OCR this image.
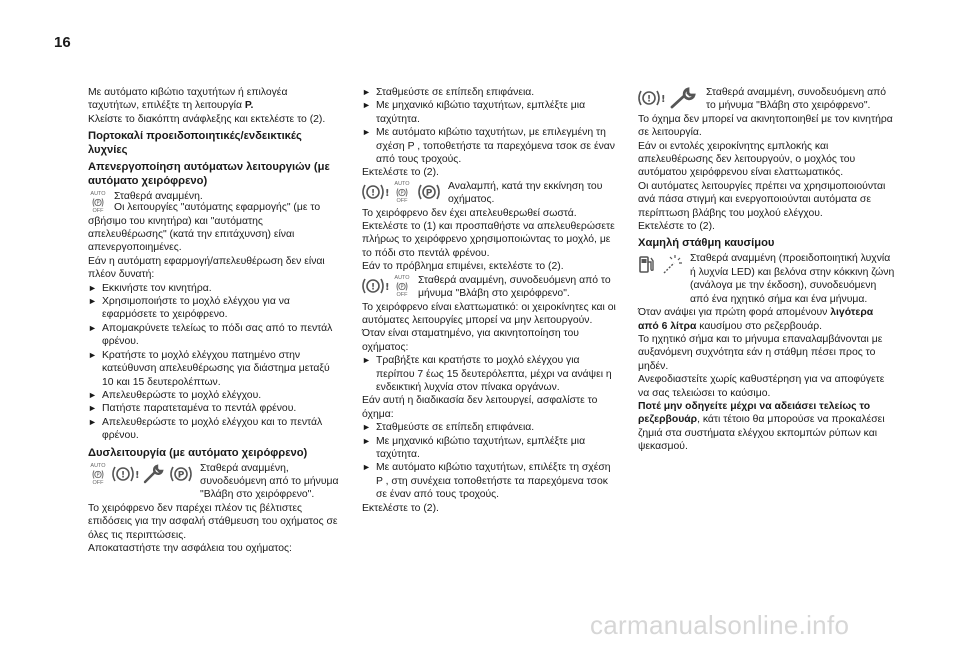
16

Με αυτόματο κιβώτιο ταχυτήτων ή επιλογέα ταχυτήτων, επιλέξτε τη λειτουργία P.

Κλείστε το διακόπτη ανάφλεξης και εκτελέστε το (2).

Πορτοκαλί προειδοποιητικές/ενδεικτικές λυχνίες

Απενεργοποίηση αυτόματων λειτουργιών (με αυτόματο χειρόφρενο)

AUTO
P
OFF

Σταθερά αναμμένη.

Οι λειτουργίες "αυτόματης εφαρμογής" (με το σβήσιμο του κινητήρα) και "αυτόματης απελευθέρωσης" (κατά την επιτάχυνση) είναι απενεργοποιημένες.

Εάν η αυτόματη εφαρμογή/απελευθέρωση δεν είναι πλέον δυνατή:

► Εκκινήστε τον κινητήρα.

► Χρησιμοποιήστε το μοχλό ελέγχου για να εφαρμόσετε το χειρόφρενο.

► Απομακρύνετε τελείως το πόδι σας από το πεντάλ φρένου.

► Κρατήστε το μοχλό ελέγχου πατημένο στην κατεύθυνση απελευθέρωσης για διάστημα μεταξύ 10 και 15 δευτερολέπτων.

► Απελευθερώστε το μοχλό ελέγχου.

► Πατήστε παρατεταμένα το πεντάλ φρένου.

► Απελευθερώστε το μοχλό ελέγχου και το πεντάλ φρένου.

Δυσλειτουργία (με αυτόματο χειρόφρενο)

AUTO
P
OFF
! !	P

Σταθερά αναμμένη, συνοδευόμενη από το μήνυμα "Βλάβη στο χειρόφρενο".

Το χειρόφρενο δεν παρέχει πλέον τις βέλτιστες επιδόσεις για την ασφαλή στάθμευση του οχήματος σε όλες τις περιπτώσεις.

Αποκαταστήστε την ασφάλεια του οχήματος:

► Σταθμεύστε σε επίπεδη επιφάνεια.

► Με μηχανικό κιβώτιο ταχυτήτων, εμπλέξτε μια ταχύτητα.

► Με αυτόματο κιβώτιο ταχυτήτων, με επιλεγμένη τη σχέση P , τοποθετήστε τα παρεχόμενα τσοκ σε έναν από τους τροχούς.

Εκτελέστε το (2).

! !
AUTO
P
OFF
P

Αναλαμπή, κατά την εκκίνηση του οχήματος.

Το χειρόφρενο δεν έχει απελευθερωθεί σωστά.

Εκτελέστε το (1) και προσπαθήστε να απελευθερώσετε πλήρως το χειρόφρενο χρησιμοποιώντας το μοχλό, με το πόδι στο πεντάλ φρένου.

Εάν το πρόβλημα επιμένει, εκτελέστε το (2).

! !
AUTO
P
OFF

Σταθερά αναμμένη, συνοδευόμενη από το μήνυμα "Βλάβη στο χειρόφρενο".

Το χειρόφρενο είναι ελαττωματικό: οι χειροκίνητες και οι αυτόματες λειτουργίες μπορεί να μην λειτουργούν.

Όταν είναι σταματημένο, για ακινητοποίηση του οχήματος:

► Τραβήξτε και κρατήστε το μοχλό ελέγχου για περίπου 7 έως 15 δευτερόλεπτα, μέχρι να ανάψει η ενδεικτική λυχνία στον πίνακα οργάνων.

Εάν αυτή η διαδικασία δεν λειτουργεί, ασφαλίστε το όχημα:

► Σταθμεύστε σε επίπεδη επιφάνεια.

► Με μηχανικό κιβώτιο ταχυτήτων, εμπλέξτε μια ταχύτητα.

► Με αυτόματο κιβώτιο ταχυτήτων, επιλέξτε τη σχέση P , στη συνέχεια τοποθετήστε τα παρεχόμενα τσοκ σε έναν από τους τροχούς.

Εκτελέστε το (2).

! !

Σταθερά αναμμένη, συνοδευόμενη από το μήνυμα "Βλάβη στο χειρόφρενο".

Το όχημα δεν μπορεί να ακινητοποιηθεί με τον κινητήρα σε λειτουργία.

Εάν οι εντολές χειροκίνητης εμπλοκής και απελευθέρωσης δεν λειτουργούν, ο μοχλός του αυτόματου χειρόφρενου είναι ελαττωματικός.

Οι αυτόματες λειτουργίες πρέπει να χρησιμοποιούνται ανά πάσα στιγμή και ενεργοποιούνται αυτόματα σε περίπτωση βλάβης του μοχλού ελέγχου.

Εκτελέστε το (2).

Χαμηλή στάθμη καυσίμου

Σταθερά αναμμένη (προειδοποιητική λυχνία ή λυχνία LED) και βελόνα στην κόκκινη ζώνη (ανάλογα με την έκδοση), συνοδευόμενη από ένα ηχητικό σήμα και ένα μήνυμα.

Όταν ανάψει για πρώτη φορά απομένουν λιγότερα από 6 λίτρα καυσίμου στο ρεζερβουάρ.

Το ηχητικό σήμα και το μήνυμα επαναλαμβάνονται με αυξανόμενη συχνότητα εάν η στάθμη πέσει προς το μηδέν.

Ανεφοδιαστείτε χωρίς καθυστέρηση για να αποφύγετε να σας τελειώσει το καύσιμο.

Ποτέ μην οδηγείτε μέχρι να αδειάσει τελείως το ρεζερβουάρ, κάτι τέτοιο θα μπορούσε να προκαλέσει ζημιά στα συστήματα ελέγχου εκπομπών ρύπων και ψεκασμού.

carmanualsonline.info
